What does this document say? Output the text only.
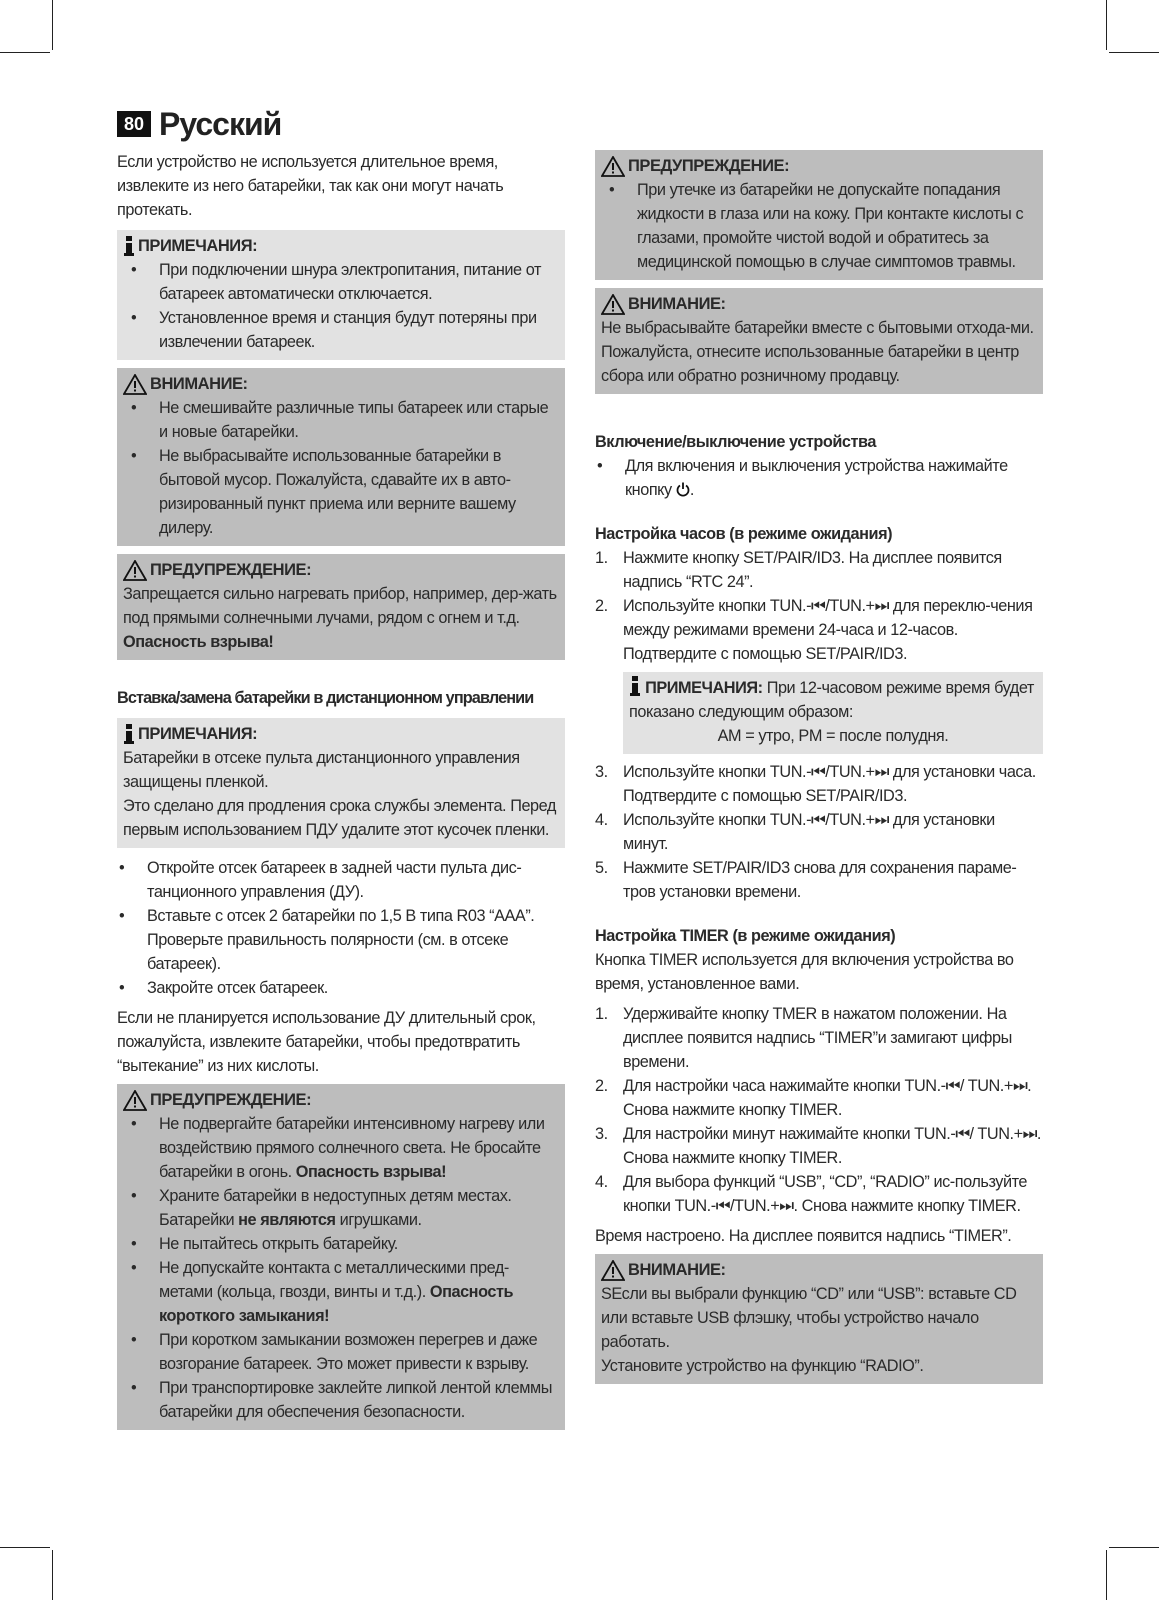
80 Русский

Если устройство не используется длительное время, извлеките из него батарейки, так как они могут начать протекать.

ПРИМЕЧАНИЯ:
• При подключении шнура электропитания, питание от батареек автоматически отключается.
• Установленное время и станция будут потеряны при извлечении батареек.
ВНИМАНИЕ:
• Не смешивайте различные типы батареек или старые и новые батарейки.
• Не выбрасывайте использованные батарейки в бытовой мусор. Пожалуйста, сдавайте их в авто-ризированный пункт приема или верните вашему дилеру.
ПРЕДУПРЕЖДЕНИЕ:

Запрещается сильно нагревать прибор, например, дер-жать под прямыми солнечными лучами, рядом с огнем и т.д. Опасность взрыва!

Вставка/замена батарейки в дистанционном управлении

ПРИМЕЧАНИЯ:

Батарейки в отсеке пульта дистанционного управления защищены пленкой.

Это сделано для продления срока службы элемента. Перед первым использованием ПДУ удалите этот кусочек пленки.

• Откройте отсек батареек в задней части пульта дис-танционного управления (ДУ).
• Вставьте с отсек 2 батарейки по 1,5 В типа R03 “AAA”. Проверьте правильность полярности (см. в отсеке батареек).
• Закройте отсек батареек.

Если не планируется использование ДУ длительный срок, пожалуйста, извлеките батарейки, чтобы предотвратить “вытекание” из них кислоты.

ПРЕДУПРЕЖДЕНИЕ:
• Не подвергайте батарейки интенсивному нагреву или воздействию прямого солнечного света. Не бросайте батарейки в огонь. Опасность взрыва!
• Храните батарейки в недоступных детям местах. Батарейки не являются игрушками.
• Не пытайтесь открыть батарейку.
• Не допускайте контакта с металлическими пред-метами (кольца, гвозди, винты и т.д.). Опасность короткого замыкания!
• При коротком замыкании возможен перегрев и даже возгорание батареек. Это может привести к взрыву.
• При транспортировке заклейте липкой лентой клеммы батарейки для обеспечения безопасности.
ПРЕДУПРЕЖДЕНИЕ:
• При утечке из батарейки не допускайте попадания жидкости в глаза или на кожу. При контакте кислоты с глазами, промойте чистой водой и обратитесь за медицинской помощью в случае симптомов травмы.
ВНИМАНИЕ:

Не выбрасывайте батарейки вместе с бытовыми отхода-ми. Пожалуйста, отнесите использованные батарейки в центр сбора или обратно розничному продавцу.

Включение/выключение устройства

• Для включения и выключения устройства нажимайте кнопку .

Настройка часов (в режиме ожидания)

1. Нажмите кнопку SET/PAIR/ID3. На дисплее появится надпись “RTC 24”.
2. Используйте кнопки TUN.-⏮/TUN.+⏭ для переклю-чения между режимами времени 24-часа и 12-часов. Подтвердите с помощью SET/PAIR/ID3.

ПРИМЕЧАНИЯ: При 12-часовом режиме время будет показано следующим образом:

AM = утро, PM = после полудня.

3. Используйте кнопки TUN.-⏮/TUN.+⏭ для установки часа. Подтвердите с помощью SET/PAIR/ID3.
4. Используйте кнопки TUN.-⏮/TUN.+⏭ для установки минут.
5. Нажмите SET/PAIR/ID3 снова для сохранения параме-тров установки времени.

Настройка TIMER (в режиме ожидания)

Кнопка TIMER используется для включения устройства во время, установленное вами.

1. Удерживайте кнопку TMER в нажатом положении. На дисплее появится надпись “TIMER”и замигают цифры времени.
2. Для настройки часа нажимайте кнопки TUN.-⏮/ TUN.+⏭. Снова нажмите кнопку TIMER.
3. Для настройки минут нажимайте кнопки TUN.-⏮/ TUN.+⏭. Снова нажмите кнопку TIMER.
4. Для выбора функций “USB”, “CD”, “RADIO” ис-пользуйте кнопки TUN.-⏮/TUN.+⏭. Снова нажмите кнопку TIMER.

Время настроено. На дисплее появится надпись “TIMER”.

ВНИМАНИЕ:

SЕсли вы выбрали функцию “CD” или “USB”: вставьте CD или вставьте USB флэшку, чтобы устройство начало работать.

Установите устройство на функцию “RADIO”.
